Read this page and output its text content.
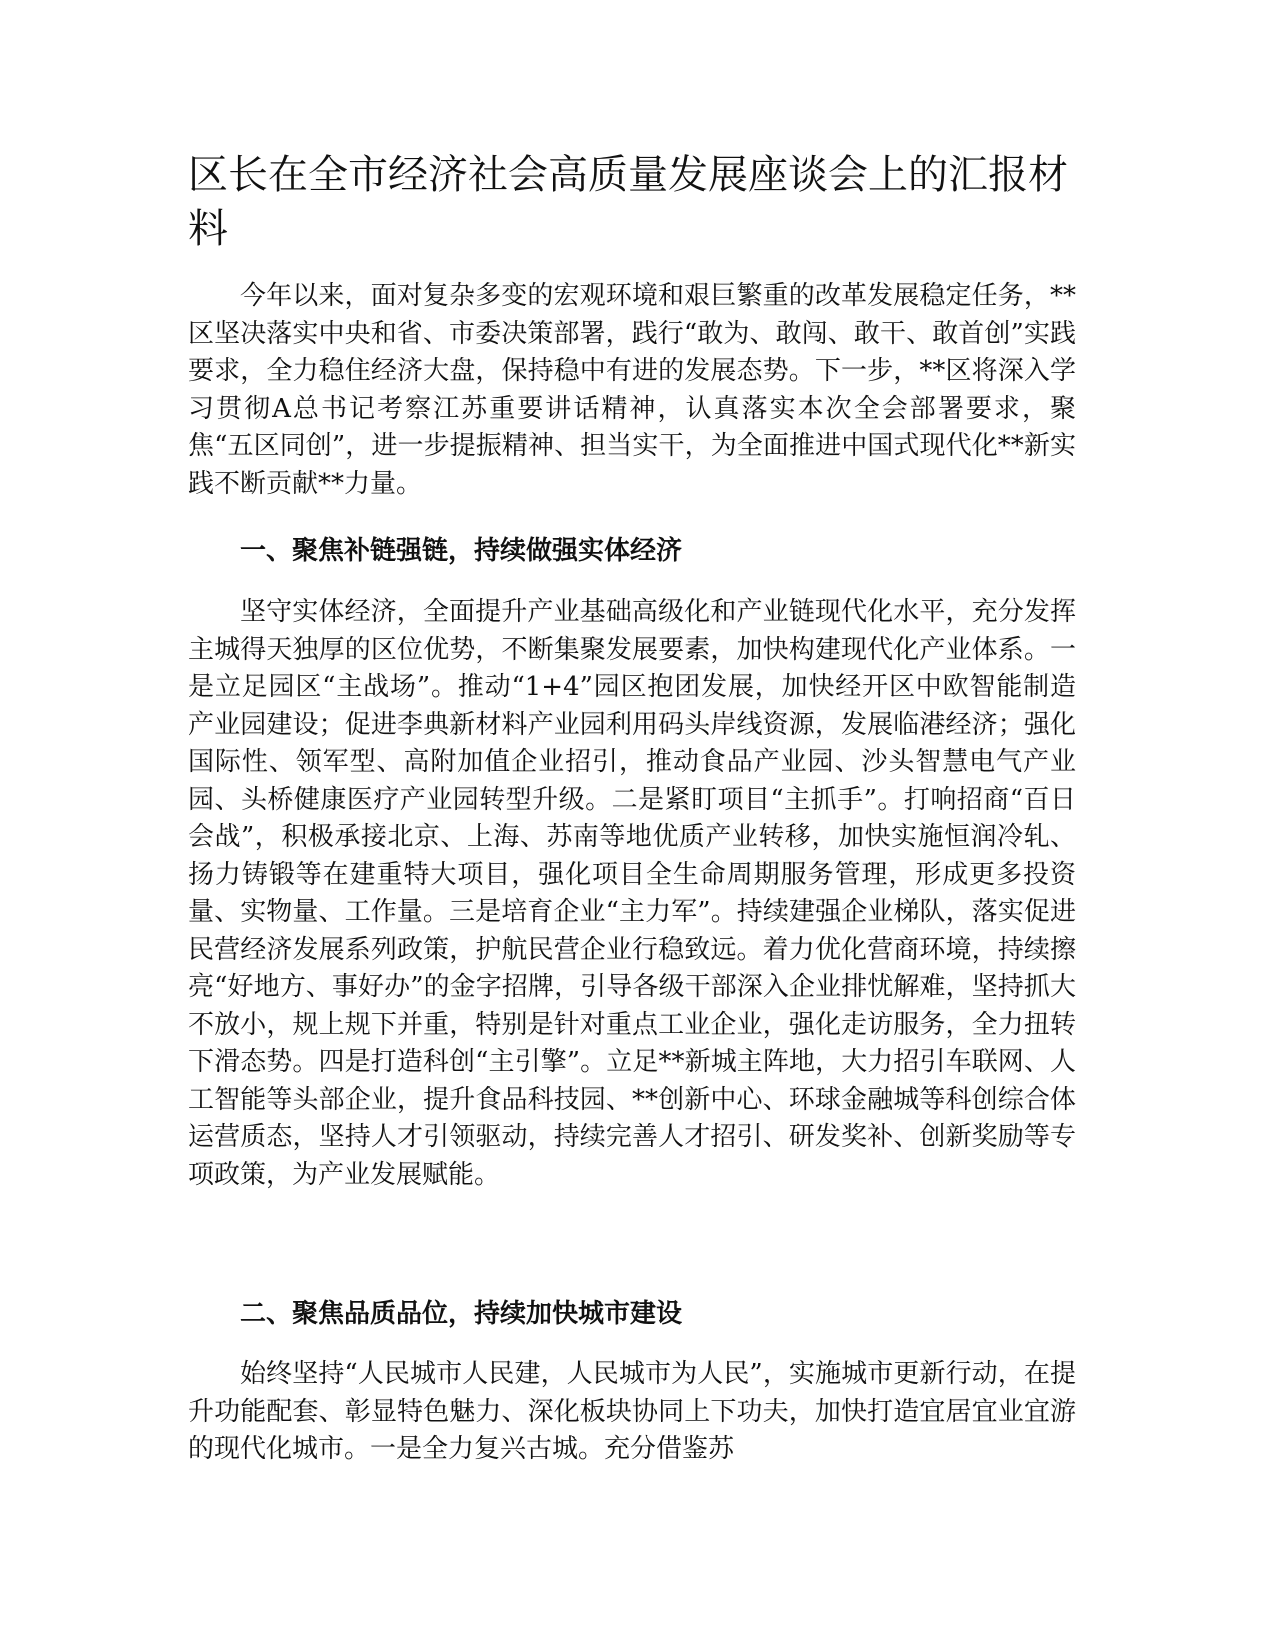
区长在全市经济社会高质量发展座谈会上的汇报材料

今年以来，面对复杂多变的宏观环境和艰巨繁重的改革发展稳定任务，**区坚决落实中央和省、市委决策部署，践行“敢为、敢闯、敢干、敢首创”实践要求，全力稳住经济大盘，保持稳中有进的发展态势。下一步，**区将深入学习贯彻A总书记考察江苏重要讲话精神，认真落实本次全会部署要求，聚焦“五区同创”，进一步提振精神、担当实干，为全面推进中国式现代化**新实践不断贡献**力量。

一、聚焦补链强链，持续做强实体经济

坚守实体经济，全面提升产业基础高级化和产业链现代化水平，充分发挥主城得天独厚的区位优势，不断集聚发展要素，加快构建现代化产业体系。一是立足园区“主战场”。推动“1+4”园区抱团发展，加快经开区中欧智能制造产业园建设；促进李典新材料产业园利用码头岸线资源，发展临港经济；强化国际性、领军型、高附加值企业招引，推动食品产业园、沙头智慧电气产业园、头桥健康医疗产业园转型升级。二是紧盯项目“主抓手”。打响招商“百日会战”，积极承接北京、上海、苏南等地优质产业转移，加快实施恒润冷轧、扬力铸锻等在建重特大项目，强化项目全生命周期服务管理，形成更多投资量、实物量、工作量。三是培育企业“主力军”。持续建强企业梯队，落实促进民营经济发展系列政策，护航民营企业行稳致远。着力优化营商环境，持续擦亮“好地方、事好办”的金字招牌，引导各级干部深入企业排忧解难，坚持抓大不放小，规上规下并重，特别是针对重点工业企业，强化走访服务，全力扭转下滑态势。四是打造科创“主引擎”。立足**新城主阵地，大力招引车联网、人工智能等头部企业，提升食品科技园、**创新中心、环球金融城等科创综合体运营质态，坚持人才引领驱动，持续完善人才招引、研发奖补、创新奖励等专项政策，为产业发展赋能。

二、聚焦品质品位，持续加快城市建设

始终坚持“人民城市人民建，人民城市为人民”，实施城市更新行动，在提升功能配套、彰显特色魅力、深化板块协同上下功夫，加快打造宜居宜业宜游的现代化城市。一是全力复兴古城。充分借鉴苏
